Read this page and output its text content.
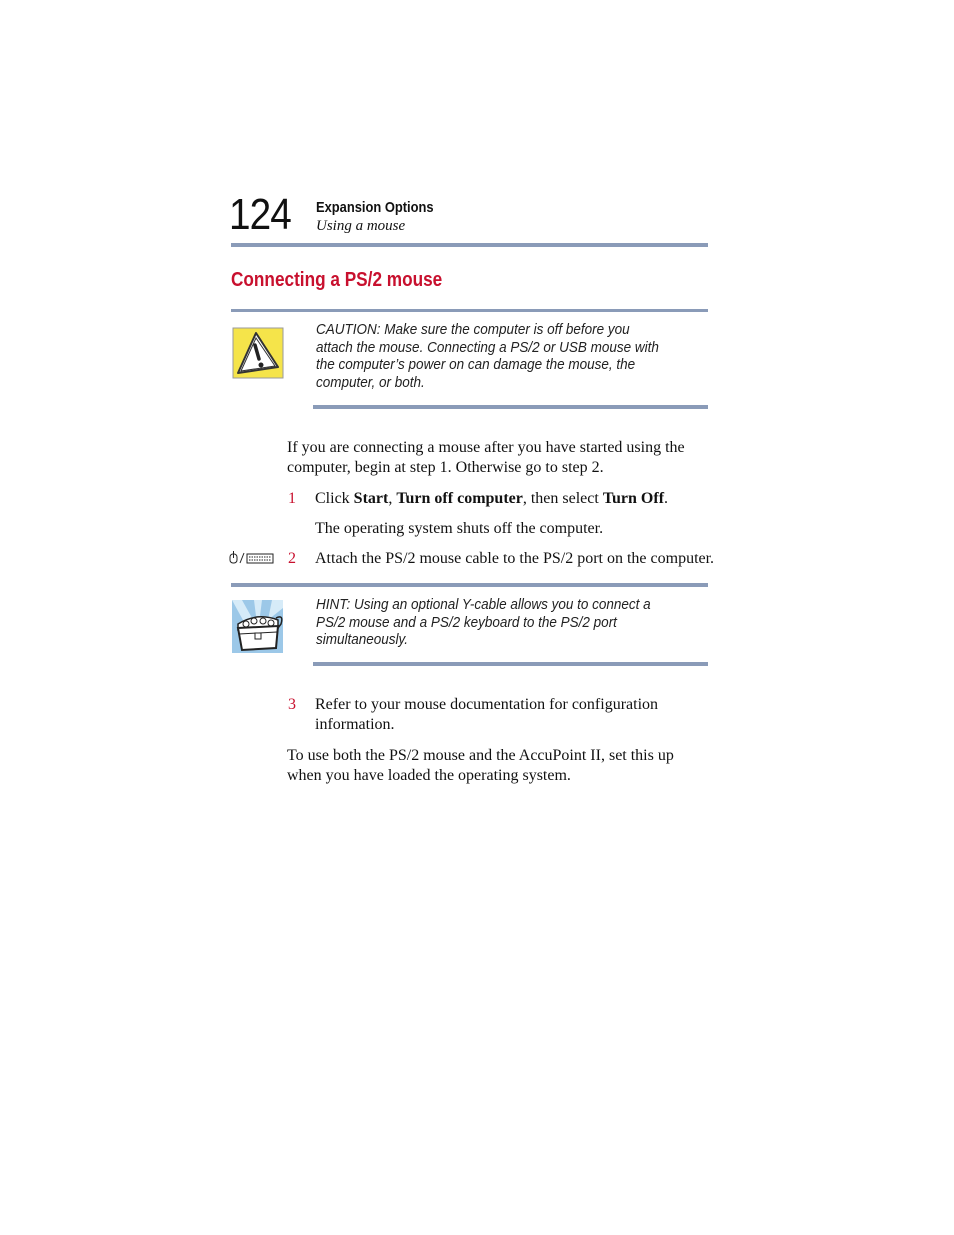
124 Expansion Options
Using a mouse
Connecting a PS/2 mouse
CAUTION: Make sure the computer is off before you attach the mouse. Connecting a PS/2 or USB mouse with the computer’s power on can damage the mouse, the computer, or both.
If you are connecting a mouse after you have started using the computer, begin at step 1. Otherwise go to step 2.
1 Click Start, Turn off computer, then select Turn Off.
The operating system shuts off the computer.
2 Attach the PS/2 mouse cable to the PS/2 port on the computer.
HINT: Using an optional Y-cable allows you to connect a PS/2 mouse and a PS/2 keyboard to the PS/2 port simultaneously.
3 Refer to your mouse documentation for configuration information.
To use both the PS/2 mouse and the AccuPoint II, set this up when you have loaded the operating system.
